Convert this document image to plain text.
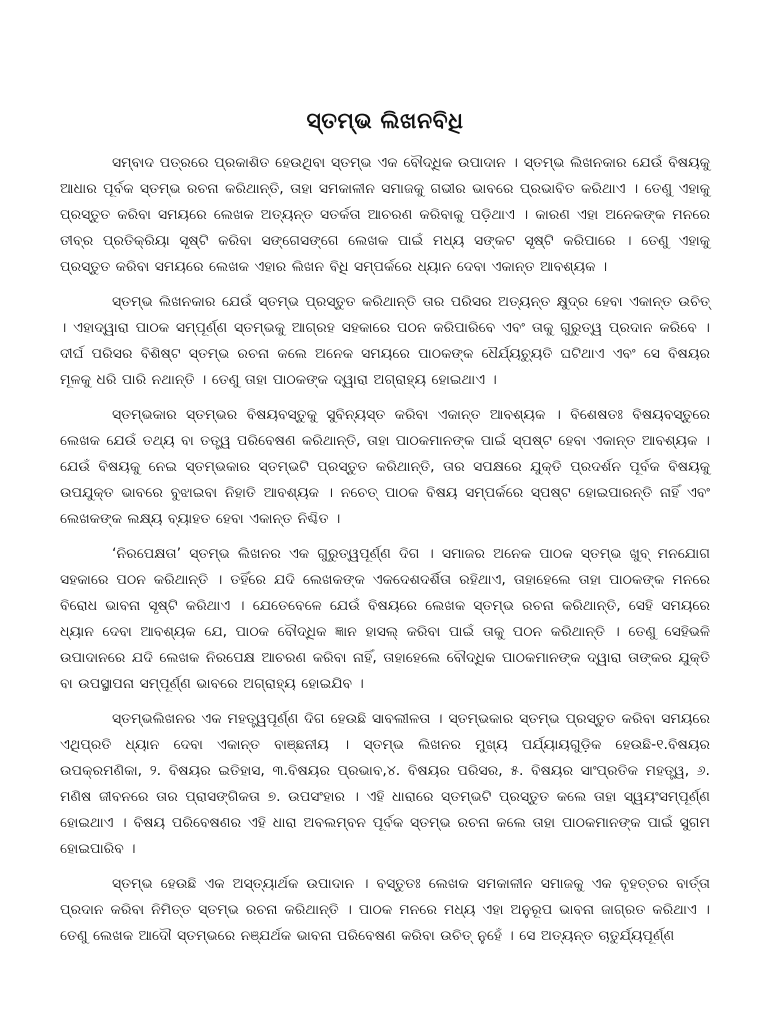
ସ୍ତମ୍ଭ ଲିଖନବିଧି

ସମ୍ବାଦ ପତ୍ରରେ ପ୍ରକାଶିତ ହେଉଥିବା ସ୍ତମ୍ଭ ଏକ ବୌଦ୍ଧିକ ଉପାଦାନ । ସ୍ତମ୍ଭ ଲିଖନକାର ଯେଉଁ ବିଷୟକୁ ଆଧାର ପୂର୍ବକ ସ୍ତମ୍ଭ ରଚନା କରିଥାନ୍ତି, ତାହା ସମକାଳୀନ ସମାଜକୁ ଗଭୀର ଭାବରେ ପ୍ରଭାବିତ କରିଥାଏ । ତେଣୁ ଏହାକୁ ପ୍ରସ୍ତୁତ କରିବା ସମୟରେ ଲେଖକ ଅତ୍ୟନ୍ତ ସତର୍କତା ଆଚରଣ କରିବାକୁ ପଡ଼ିଥାଏ । କାରଣ ଏହା ଅନେକଙ୍କ ମନରେ ତୀବ୍ର ପ୍ରତିକ୍ରିୟା ସୃଷ୍ଟି କରିବା ସଙ୍ଗେସଙ୍ଗେ ଲେଖକ ପାଇଁ ମଧ୍ୟ ସଙ୍କଟ ସୃଷ୍ଟି କରିପାରେ । ତେଣୁ ଏହାକୁ ପ୍ରସ୍ତୁତ କରିବା ସମୟରେ ଲେଖକ ଏହାର ଲିଖନ ବିଧି ସମ୍ପର୍କରେ ଧ୍ୟାନ ଦେବା ଏକାନ୍ତ ଆବଶ୍ୟକ ।

ସ୍ତମ୍ଭ ଲିଖନକାର ଯେଉଁ ସ୍ତମ୍ଭ ପ୍ରସ୍ତୁତ କରିଥାନ୍ତି ତାର ପରିସର ଅତ୍ୟନ୍ତ କ୍ଷୁଦ୍ର ହେବା ଏକାନ୍ତ ଉଚିତ୍ । ଏହାଦ୍ୱାରା ପାଠକ ସମ୍ପୂର୍ଣ୍ଣ ସ୍ତମ୍ଭକୁ ଆଗ୍ରହ ସହକାରେ ପଠନ କରିପାରିବେ ଏବଂ ତାକୁ ଗୁରୁତ୍ୱ ପ୍ରଦାନ କରିବେ । ଦୀର୍ଘ ପରିସର ବିଶିଷ୍ଟ ସ୍ତମ୍ଭ ରଚନା କଲେ ଅନେକ ସମୟରେ ପାଠକଙ୍କ ଧୈର୍ଯ୍ୟଚ୍ୟୁତି ଘଟିଥାଏ ଏବଂ ସେ ବିଷୟର ମୂଳକୁ ଧରି ପାରି ନଥାନ୍ତି । ତେଣୁ ତାହା ପାଠକଙ୍କ ଦ୍ୱାରା ଅଗ୍ରାହ୍ୟ ହୋଇଥାଏ ।

ସ୍ତମ୍ଭକାର ସ୍ତମ୍ଭର ବିଷୟବସ୍ତୁକୁ ସୁବିନ୍ୟସ୍ତ କରିବା ଏକାନ୍ତ ଆବଶ୍ୟକ । ବିଶେଷତଃ ବିଷୟବସ୍ତୁରେ ଲେଖକ ଯେଉଁ ତଥ୍ୟ ବା ତତ୍ତ୍ୱ ପରିବେଷଣ କରିଥାନ୍ତି, ତାହା ପାଠକମାନଙ୍କ ପାଇଁ ସ୍ପଷ୍ଟ ହେବା ଏକାନ୍ତ ଆବଶ୍ୟକ । ଯେଉଁ ବିଷୟକୁ ନେଇ ସ୍ତମ୍ଭକାର ସ୍ତମ୍ଭଟି ପ୍ରସ୍ତୁତ କରିଥାନ୍ତି, ତାର ସପକ୍ଷରେ ଯୁକ୍ତି ପ୍ରଦର୍ଶନ ପୂର୍ବକ ବିଷୟକୁ ଉପଯୁକ୍ତ ଭାବରେ ବୁଝାଇବା ନିହାତି ଆବଶ୍ୟକ । ନଚେତ୍ ପାଠକ ବିଷୟ ସମ୍ପର୍କରେ ସ୍ପଷ୍ଟ ହୋଇପାରନ୍ତି ନାହିଁ ଏବଂ ଲେଖକଙ୍କ ଲକ୍ଷ୍ୟ ବ୍ୟାହତ ହେବା ଏକାନ୍ତ ନିଶ୍ଚିତ ।

‘ନିରପେକ୍ଷତା’ ସ୍ତମ୍ଭ ଲିଖନର ଏକ ଗୁରୁତ୍ୱପୂର୍ଣ୍ଣ ଦିଗ । ସମାଜର ଅନେକ ପାଠକ ସ୍ତମ୍ଭ ଖୁବ୍ ମନଯୋଗ ସହକାରେ ପଠନ କରିଥାନ୍ତି । ତହିଁରେ ଯଦି ଲେଖକଙ୍କ ଏକଦେଶଦର୍ଶିତା ରହିଥାଏ, ତାହାହେଲେ ତାହା ପାଠକଙ୍କ ମନରେ ବିରୋଧ ଭାବନା ସୃଷ୍ଟି କରିଥାଏ । ଯେତେବେଳେ ଯେଉଁ ବିଷୟରେ ଲେଖକ ସ୍ତମ୍ଭ ରଚନା କରିଥାନ୍ତି, ସେହି ସମୟରେ ଧ୍ୟାନ ଦେବା ଆବଶ୍ୟକ ଯେ, ପାଠକ ବୌଦ୍ଧିକ ଜ୍ଞାନ ହାସଲ୍ କରିବା ପାଇଁ ତାକୁ ପଠନ କରିଥାନ୍ତି । ତେଣୁ ସେହିଭଳି ଉପାଦାନରେ ଯଦି ଲେଖକ ନିରପେକ୍ଷ ଆଚରଣ କରିବା ନାହିଁ, ତାହାହେଲେ ବୌଦ୍ଧିକ ପାଠକମାନଙ୍କ ଦ୍ୱାରା ତାଙ୍କର ଯୁକ୍ତି ବା ଉପସ୍ଥାପନା ସମ୍ପୂର୍ଣ୍ଣ ଭାବରେ ଅଗ୍ରାହ୍ୟ ହୋଇଯିବ ।

ସ୍ତମ୍ଭଲିଖନର ଏକ ମହତ୍ତ୍ୱପୂର୍ଣ୍ଣ ଦିଗ ହେଉଛି ସାବଲୀଳତା । ସ୍ତମ୍ଭକାର ସ୍ତମ୍ଭ ପ୍ରସ୍ତୁତ କରିବା ସମୟରେ ଏଥିପ୍ରତି ଧ୍ୟାନ ଦେବା ଏକାନ୍ତ ବାଞ୍ଛନୀୟ । ସ୍ତମ୍ଭ ଲିଖନର ମୁଖ୍ୟ ପର୍ଯ୍ୟାୟଗୁଡ଼ିକ ହେଉଛି-୧.ବିଷୟର ଉପକ୍ରମଣିକା, ୨. ବିଷୟର ଇତିହାସ, ୩.ବିଷୟର ପ୍ରଭାବ,୪. ବିଷୟର ପରିସର, ୫. ବିଷୟର ସାଂପ୍ରତିକ ମହତ୍ତ୍ୱ, ୬. ମଣିଷ ଜୀବନରେ ତାର ପ୍ରାସଙ୍ଗିକତା ୭. ଉପସଂହାର । ଏହି ଧାରାରେ ସ୍ତମ୍ଭଟି ପ୍ରସ୍ତୁତ କଲେ ତାହା ସ୍ୱୟଂସମ୍ପୂର୍ଣ୍ଣ ହୋଇଥାଏ । ବିଷୟ ପରିବେଷଣର ଏହି ଧାରା ଅବଲମ୍ବନ ପୂର୍ବକ ସ୍ତମ୍ଭ ରଚନା କଲେ ତାହା ପାଠକମାନଙ୍କ ପାଇଁ ସୁଗମ ହୋଇପାରିବ ।

ସ୍ତମ୍ଭ ହେଉଛି ଏକ ଅସ୍ତ୍ୟାର୍ଥକ ଉପାଦାନ । ବସ୍ତୁତଃ ଲେଖକ ସମକାଳୀନ ସମାଜକୁ ଏକ ବୃହତ୍ତର ବାର୍ତ୍ତା ପ୍ରଦାନ କରିବା ନିମିତ୍ତ ସ୍ତମ୍ଭ ରଚନା କରିଥାନ୍ତି । ପାଠକ ମନରେ ମଧ୍ୟ ଏହା ଅନୁରୂପ ଭାବନା ଜାଗ୍ରତ କରିଥାଏ । ତେଣୁ ଲେଖକ ଆଦୌ ସ୍ତମ୍ଭରେ ନଞ୍ଯର୍ଥକ ଭାବନା ପରିବେଷଣ କରିବା ଉଚିତ୍ ନୁହେଁ । ସେ ଅତ୍ୟନ୍ତ ଚାତୁର୍ଯ୍ୟପୂର୍ଣ୍ଣ
